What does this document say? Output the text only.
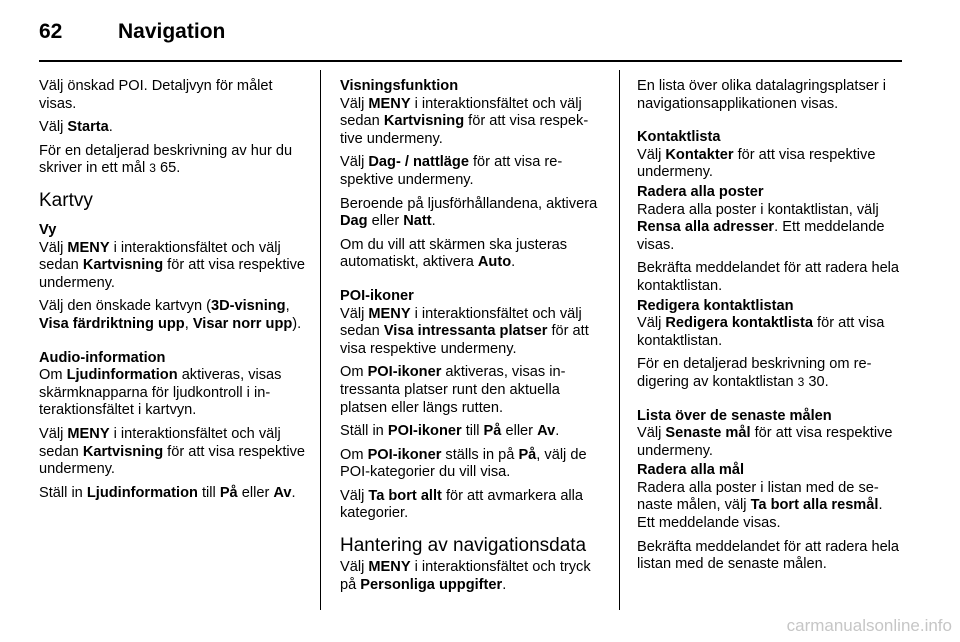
62	Navigation

Välj önskad POI. Detaljvyn för målet visas.

Välj Starta.

För en detaljerad beskrivning av hur du skriver in ett mål 3 65.

Kartvy
Vy

Välj MENY i interaktionsfältet och välj sedan Kartvisning för att visa respektive undermeny.

Välj den önskade kartvyn (3D-visning, Visa färdriktning upp, Visar norr upp).

Audio-information

Om Ljudinformation aktiveras, visas skärmknapparna för ljudkontroll i interaktionsfältet i kartvyn.

Välj MENY i interaktionsfältet och välj sedan Kartvisning för att visa respektive undermeny.

Ställ in Ljudinformation till På eller Av.

Visningsfunktion

Välj MENY i interaktionsfältet och välj sedan Kartvisning för att visa respektive undermeny.

Välj Dag- / nattläge för att visa respektive undermeny.

Beroende på ljusförhållandena, aktivera Dag eller Natt.

Om du vill att skärmen ska justeras automatiskt, aktivera Auto.

POI-ikoner

Välj MENY i interaktionsfältet och välj sedan Visa intressanta platser för att visa respektive undermeny.

Om POI-ikoner aktiveras, visas intressanta platser runt den aktuella platsen eller längs rutten.

Ställ in POI-ikoner till På eller Av.

Om POI-ikoner ställs in på På, välj de POI-kategorier du vill visa.

Välj Ta bort allt för att avmarkera alla kategorier.

Hantering av navigationsdata

Välj MENY i interaktionsfältet och tryck på Personliga uppgifter.

En lista över olika datalagringsplatser i navigationsapplikationen visas.

Kontaktlista

Välj Kontakter för att visa respektive undermeny.

Radera alla poster

Radera alla poster i kontaktlistan, välj Rensa alla adresser. Ett meddelande visas.

Bekräfta meddelandet för att radera hela kontaktlistan.

Redigera kontaktlistan

Välj Redigera kontaktlista för att visa kontaktlistan.

För en detaljerad beskrivning om redigering av kontaktlistan 3 30.

Lista över de senaste målen

Välj Senaste mål för att visa respektive undermeny.

Radera alla mål

Radera alla poster i listan med de senaste målen, välj Ta bort alla resmål. Ett meddelande visas.

Bekräfta meddelandet för att radera hela listan med de senaste målen.

carmanualsonline.info
